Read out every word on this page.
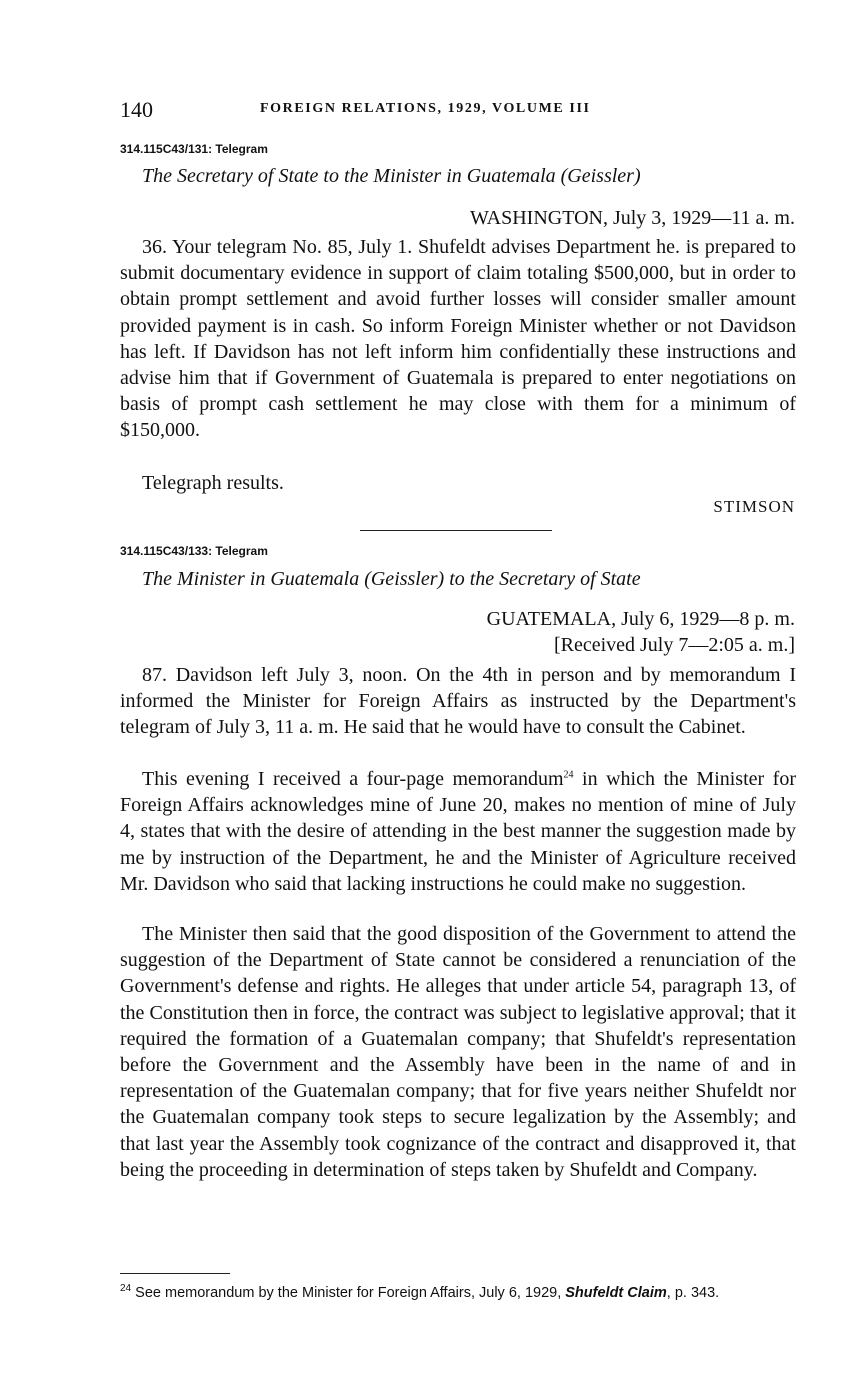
140	FOREIGN RELATIONS, 1929, VOLUME III
314.115C43/131: Telegram
The Secretary of State to the Minister in Guatemala (Geissler)
WASHINGTON, July 3, 1929—11 a. m.

36. Your telegram No. 85, July 1. Shufeldt advises Department he. is prepared to submit documentary evidence in support of claim totaling $500,000, but in order to obtain prompt settlement and avoid further losses will consider smaller amount provided payment is in cash. So inform Foreign Minister whether or not Davidson has left. If Davidson has not left inform him confidentially these instructions and advise him that if Government of Guatemala is prepared to enter negotiations on basis of prompt cash settlement he may close with them for a minimum of $150,000.

Telegraph results.

STIMSON
314.115C43/133: Telegram
The Minister in Guatemala (Geissler) to the Secretary of State
GUATEMALA, July 6, 1929—8 p. m.
[Received July 7—2:05 a. m.]

87. Davidson left July 3, noon. On the 4th in person and by memorandum I informed the Minister for Foreign Affairs as instructed by the Department's telegram of July 3, 11 a. m. He said that he would have to consult the Cabinet.

This evening I received a four-page memorandum$^{24}$ in which the Minister for Foreign Affairs acknowledges mine of June 20, makes no mention of mine of July 4, states that with the desire of attending in the best manner the suggestion made by me by instruction of the Department, he and the Minister of Agriculture received Mr. Davidson who said that lacking instructions he could make no suggestion.

The Minister then said that the good disposition of the Government to attend the suggestion of the Department of State cannot be considered a renunciation of the Government's defense and rights. He alleges that under article 54, paragraph 13, of the Constitution then in force, the contract was subject to legislative approval; that it required the formation of a Guatemalan company; that Shufeldt's representation before the Government and the Assembly have been in the name of and in representation of the Guatemalan company; that for five years neither Shufeldt nor the Guatemalan company took steps to secure legalization by the Assembly; and that last year the Assembly took cognizance of the contract and disapproved it, that being the proceeding in determination of steps taken by Shufeldt and Company.

$^{24}$ See memorandum by the Minister for Foreign Affairs, July 6, 1929, Shufeldt Claim, p. 343.
